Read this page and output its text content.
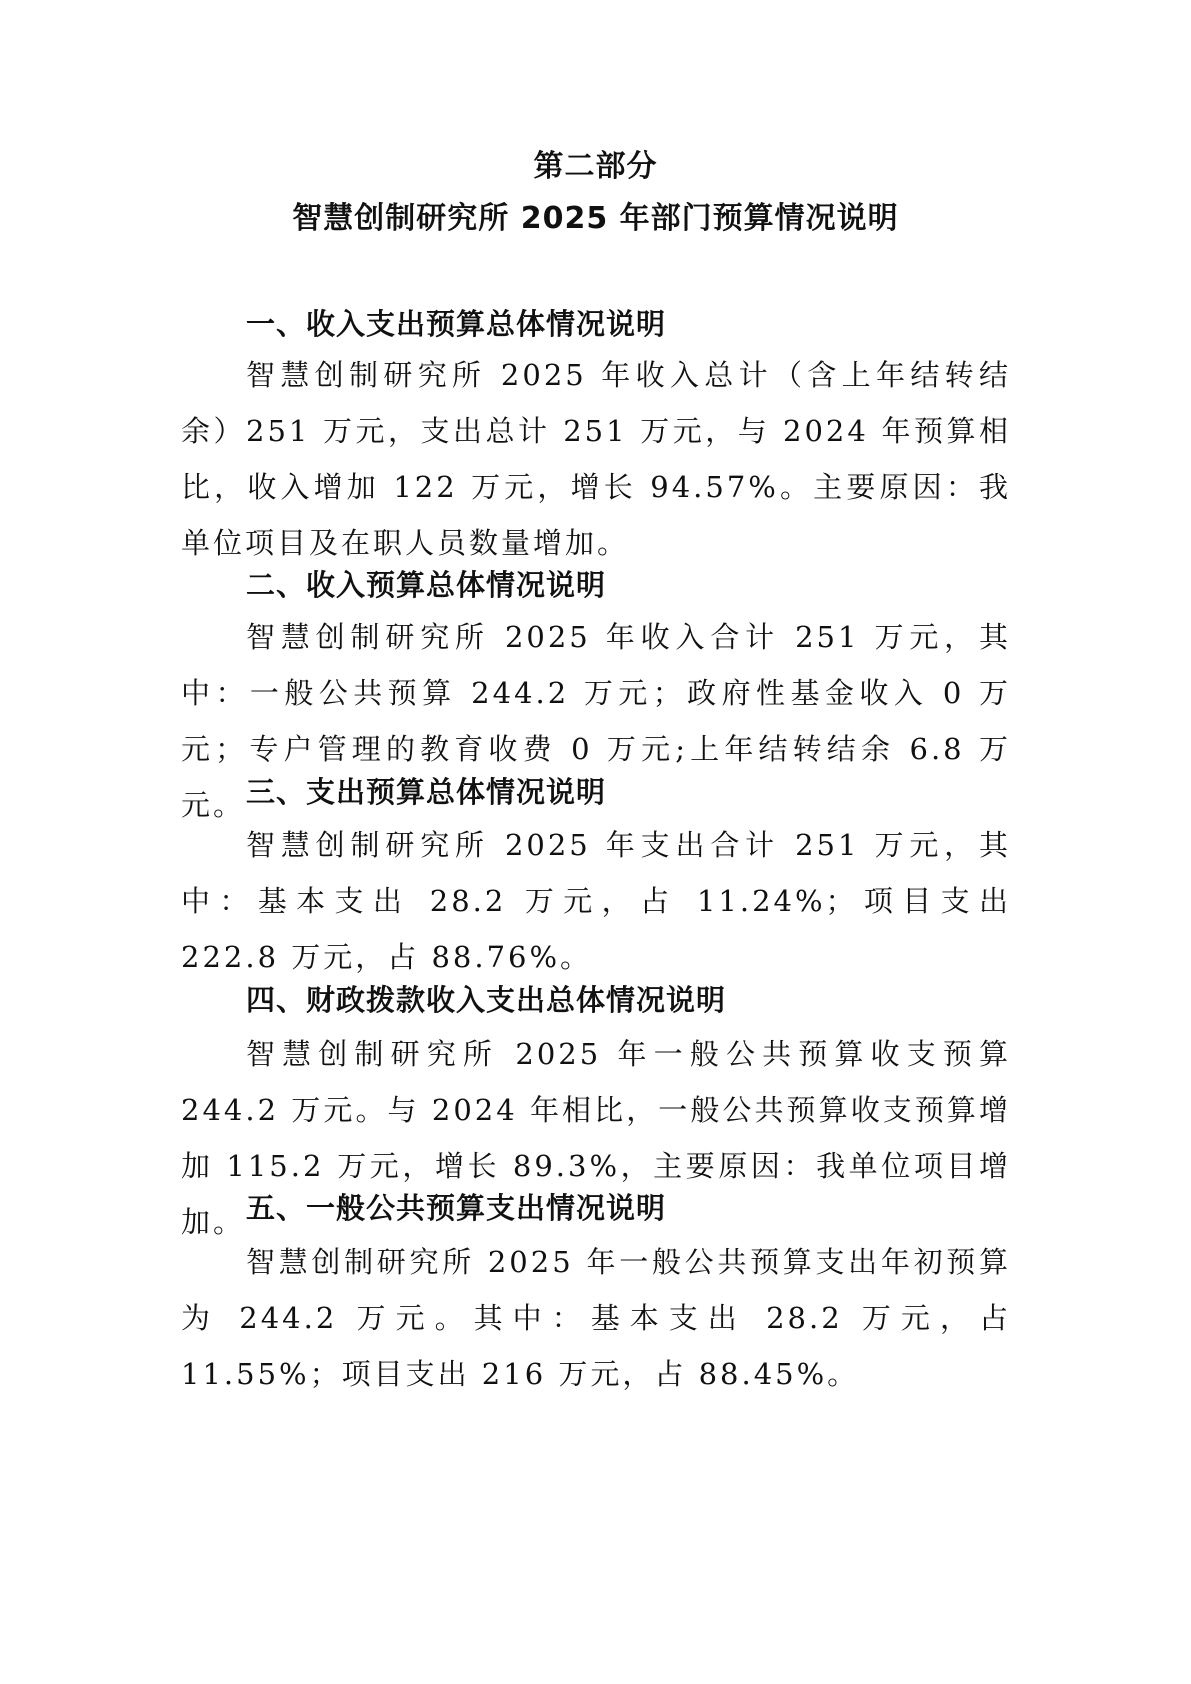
第二部分
智慧创制研究所 2025 年部门预算情况说明
一、收入支出预算总体情况说明

智慧创制研究所 2025 年收入总计（含上年结转结余）251 万元，支出总计 251 万元，与 2024 年预算相比，收入增加 122 万元，增长 94.57%。主要原因：我单位项目及在职人员数量增加。

二、收入预算总体情况说明

智慧创制研究所 2025 年收入合计 251 万元，其中：一般公共预算 244.2 万元；政府性基金收入 0 万元；专户管理的教育收费 0 万元;上年结转结余 6.8 万元。 三、支出预算总体情况说明

智慧创制研究所 2025 年支出合计 251 万元，其中：基本支出 28.2 万元，占 11.24%；项目支出 222.8 万元，占 88.76%。

四、财政拨款收入支出总体情况说明

智慧创制研究所 2025 年一般公共预算收支预算 244.2 万元。与 2024 年相比，一般公共预算收支预算增加 115.2 万元，增长 89.3%，主要原因：我单位项目增加。 五、一般公共预算支出情况说明

智慧创制研究所 2025 年一般公共预算支出年初预算为 244.2 万元。其中：基本支出 28.2 万元，占 11.55%；项目支出 216 万元，占 88.45%。
